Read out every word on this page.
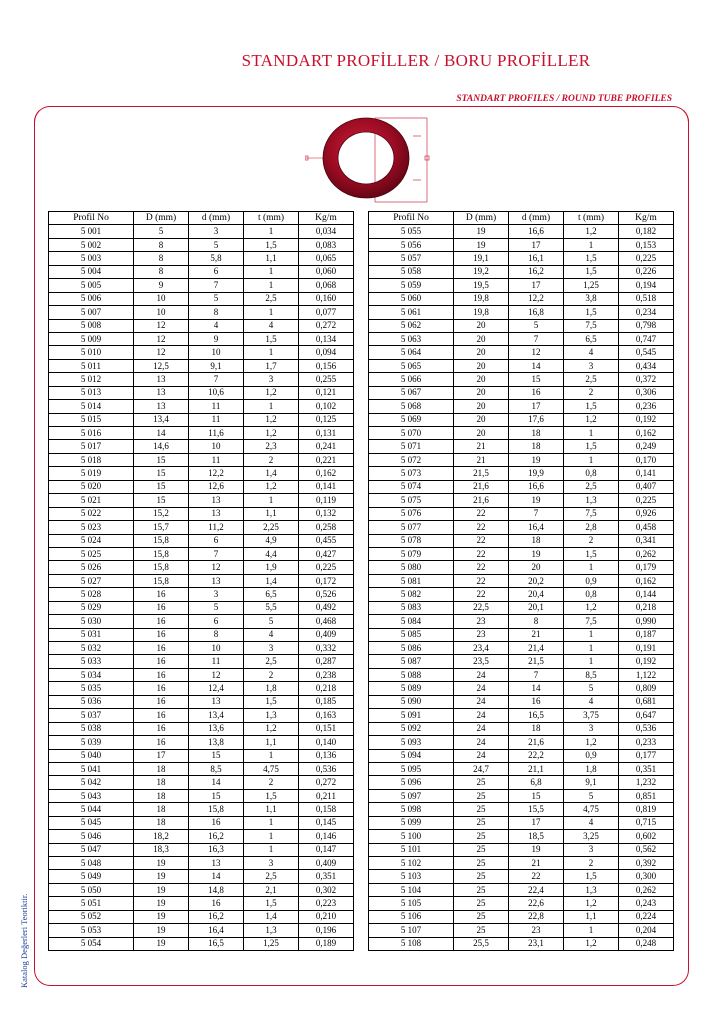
STANDART PROFİLLER / BORU PROFİLLER
STANDART PROFILES / ROUND TUBE PROFILES
Katalog Değerleri Teoriktir.
Profil No	D (mm)	d (mm)	t (mm)	Kg/m
5 001	5	3	1	0,034
5 002	8	5	1,5	0,083
5 003	8	5,8	1,1	0,065
5 004	8	6	1	0,060
5 005	9	7	1	0,068
5 006	10	5	2,5	0,160
5 007	10	8	1	0,077
5 008	12	4	4	0,272
5 009	12	9	1,5	0,134
5 010	12	10	1	0,094
5 011	12,5	9,1	1,7	0,156
5 012	13	7	3	0,255
5 013	13	10,6	1,2	0,121
5 014	13	11	1	0,102
5 015	13,4	11	1,2	0,125
5 016	14	11,6	1,2	0,131
5 017	14,6	10	2,3	0,241
5 018	15	11	2	0,221
5 019	15	12,2	1,4	0,162
5 020	15	12,6	1,2	0,141
5 021	15	13	1	0,119
5 022	15,2	13	1,1	0,132
5 023	15,7	11,2	2,25	0,258
5 024	15,8	6	4,9	0,455
5 025	15,8	7	4,4	0,427
5 026	15,8	12	1,9	0,225
5 027	15,8	13	1,4	0,172
5 028	16	3	6,5	0,526
5 029	16	5	5,5	0,492
5 030	16	6	5	0,468
5 031	16	8	4	0,409
5 032	16	10	3	0,332
5 033	16	11	2,5	0,287
5 034	16	12	2	0,238
5 035	16	12,4	1,8	0,218
5 036	16	13	1,5	0,185
5 037	16	13,4	1,3	0,163
5 038	16	13,6	1,2	0,151
5 039	16	13,8	1,1	0,140
5 040	17	15	1	0,136
5 041	18	8,5	4,75	0,536
5 042	18	14	2	0,272
5 043	18	15	1,5	0,211
5 044	18	15,8	1,1	0,158
5 045	18	16	1	0,145
5 046	18,2	16,2	1	0,146
5 047	18,3	16,3	1	0,147
5 048	19	13	3	0,409
5 049	19	14	2,5	0,351
5 050	19	14,8	2,1	0,302
5 051	19	16	1,5	0,223
5 052	19	16,2	1,4	0,210
5 053	19	16,4	1,3	0,196
5 054	19	16,5	1,25	0,189
Profil No	D (mm)	d (mm)	t (mm)	Kg/m
5 055	19	16,6	1,2	0,182
5 056	19	17	1	0,153
5 057	19,1	16,1	1,5	0,225
5 058	19,2	16,2	1,5	0,226
5 059	19,5	17	1,25	0,194
5 060	19,8	12,2	3,8	0,518
5 061	19,8	16,8	1,5	0,234
5 062	20	5	7,5	0,798
5 063	20	7	6,5	0,747
5 064	20	12	4	0,545
5 065	20	14	3	0,434
5 066	20	15	2,5	0,372
5 067	20	16	2	0,306
5 068	20	17	1,5	0,236
5 069	20	17,6	1,2	0,192
5 070	20	18	1	0,162
5 071	21	18	1,5	0,249
5 072	21	19	1	0,170
5 073	21,5	19,9	0,8	0,141
5 074	21,6	16,6	2,5	0,407
5 075	21,6	19	1,3	0,225
5 076	22	7	7,5	0,926
5 077	22	16,4	2,8	0,458
5 078	22	18	2	0,341
5 079	22	19	1,5	0,262
5 080	22	20	1	0,179
5 081	22	20,2	0,9	0,162
5 082	22	20,4	0,8	0,144
5 083	22,5	20,1	1,2	0,218
5 084	23	8	7,5	0,990
5 085	23	21	1	0,187
5 086	23,4	21,4	1	0,191
5 087	23,5	21,5	1	0,192
5 088	24	7	8,5	1,122
5 089	24	14	5	0,809
5 090	24	16	4	0,681
5 091	24	16,5	3,75	0,647
5 092	24	18	3	0,536
5 093	24	21,6	1,2	0,233
5 094	24	22,2	0,9	0,177
5 095	24,7	21,1	1,8	0,351
5 096	25	6,8	9,1	1,232
5 097	25	15	5	0,851
5 098	25	15,5	4,75	0,819
5 099	25	17	4	0,715
5 100	25	18,5	3,25	0,602
5 101	25	19	3	0,562
5 102	25	21	2	0,392
5 103	25	22	1,5	0,300
5 104	25	22,4	1,3	0,262
5 105	25	22,6	1,2	0,243
5 106	25	22,8	1,1	0,224
5 107	25	23	1	0,204
5 108	25,5	23,1	1,2	0,248
